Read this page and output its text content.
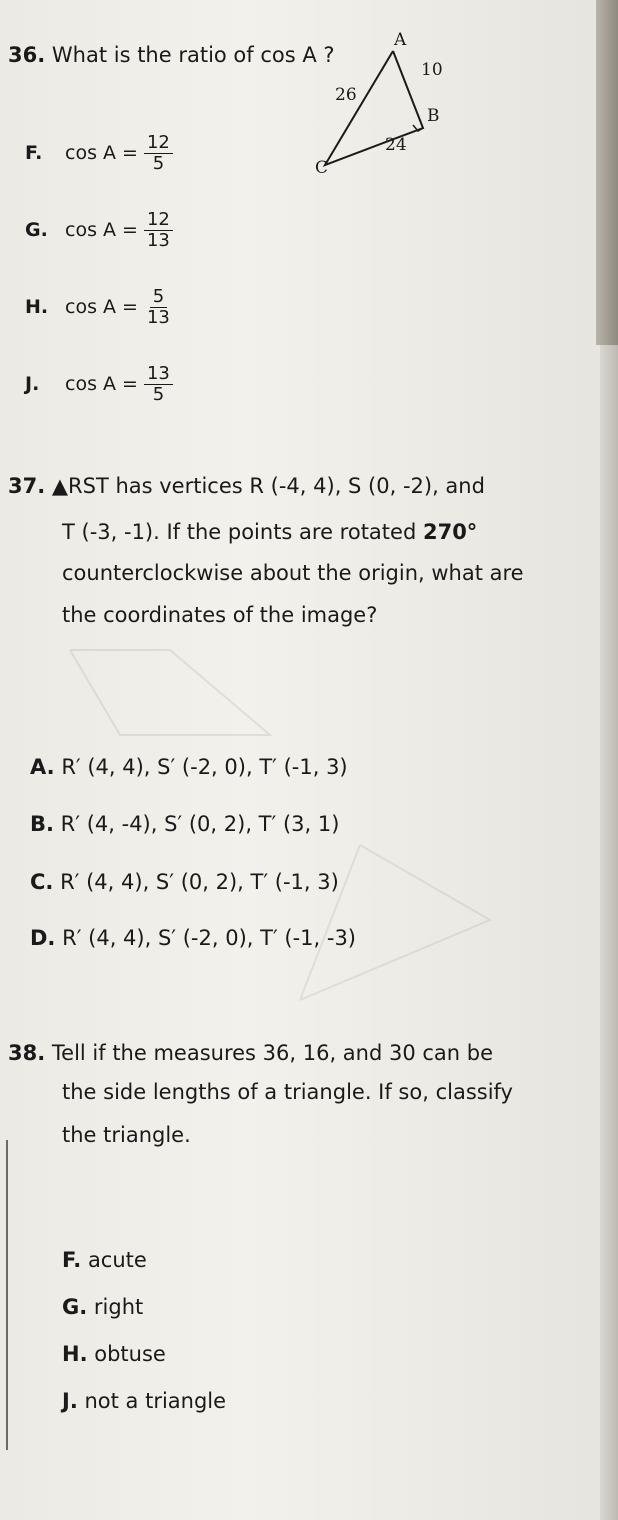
36. What is the ratio of cos A ?
A
B
C
10
26
24
F.	$\cos A = \frac{12}{5}$
G. $\cos A = \frac{12}{13}$
H. $\cos A = \frac{5}{13}$
J.	$\cos A = \frac{13}{5}$
37. ▲RST has vertices R (-4, 4), S (0, -2), and
T (-3, -1). If the points are rotated 270°
counterclockwise about the origin, what are
the coordinates of the image?
A. R′ (4, 4), S′ (-2, 0), T′ (-1, 3)
B. R′ (4, -4), S′ (0, 2), T′ (3, 1)
C. R′ (4, 4), S′ (0, 2), T′ (-1, 3)
D. R′ (4, 4), S′ (-2, 0), T′ (-1, -3)
38. Tell if the measures 36, 16, and 30 can be
the side lengths of a triangle. If so, classify
the triangle.
F. acute
G. right
H. obtuse
J. not a triangle
